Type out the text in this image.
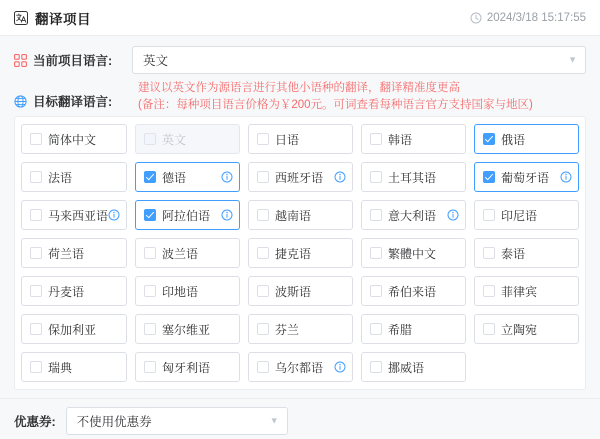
翻译项目	2024/3/18 15:17:55
当前项目语言: 英文	▼
建议以英文作为源语言进行其他小语种的翻译，翻译精准度更高
(备注：每种项目语言价格为￥200元。可词查看每种语言官方支持国家与地区)
目标翻译语言:
简体中文	英文	日语	韩语	俄语
法语	德语	西班牙语	土耳其语	葡萄牙语
马来西亚语	阿拉伯语	越南语	意大利语	印尼语
荷兰语	波兰语	捷克语	繁體中文	泰语
丹麦语	印地语	波斯语	希伯来语	菲律宾
保加利亚	塞尔维亚	芬兰	希腊	立陶宛
瑞典	匈牙利语	乌尔都语	挪威语
优惠券: 不使用优惠券	▼
